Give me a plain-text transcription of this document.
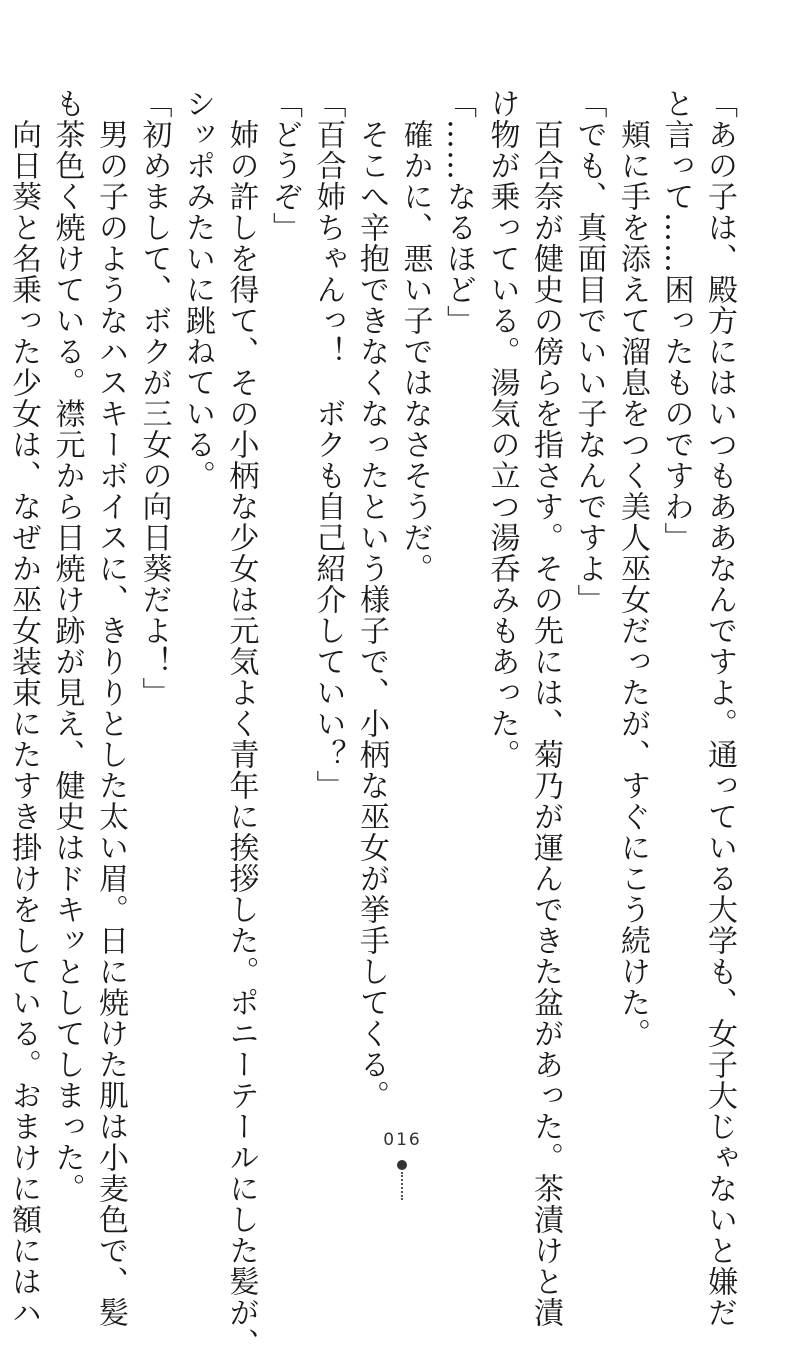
「あの子は、殿方にはいつもああなんですよ。通っている大学も、女子大じゃないと嫌だ
と言って……困ったものですわ」
　頬に手を添えて溜息をつく美人巫女だったが、すぐにこう続けた。
「でも、真面目でいい子なんですよ」
　百合奈が健史の傍らを指さす。その先には、菊乃が運んできた盆があった。茶漬けと漬
け物が乗っている。湯気の立つ湯呑みもあった。
「……なるほど」
　確かに、悪い子ではなさそうだ。
　そこへ辛抱できなくなったという様子で、小柄な巫女が挙手してくる。
「百合姉ちゃんっ！　ボクも自己紹介していい？」
「どうぞ」
　姉の許しを得て、その小柄な少女は元気よく青年に挨拶した。ポニーテールにした髪が、
シッポみたいに跳ねている。
「初めまして、ボクが三女の向日葵だよ！」
　男の子のようなハスキーボイスに、きりりとした太い眉。日に焼けた肌は小麦色で、髪
も茶色く焼けている。襟元から日焼け跡が見え、健史はドキッとしてしまった。
　向日葵と名乗った少女は、なぜか巫女装束にたすき掛けをしている。おまけに額にはハ	016
